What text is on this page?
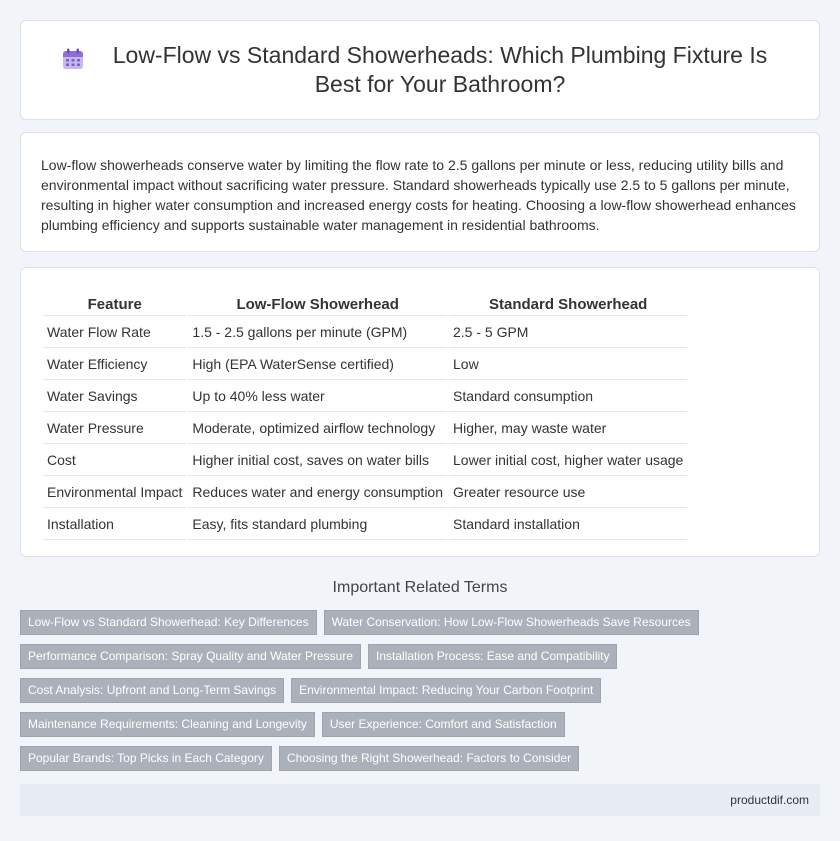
Low-Flow vs Standard Showerheads: Which Plumbing Fixture Is Best for Your Bathroom?

Low-flow showerheads conserve water by limiting the flow rate to 2.5 gallons per minute or less, reducing utility bills and environmental impact without sacrificing water pressure. Standard showerheads typically use 2.5 to 5 gallons per minute, resulting in higher water consumption and increased energy costs for heating. Choosing a low-flow showerhead enhances plumbing efficiency and supports sustainable water management in residential bathrooms.

Feature	Low-Flow Showerhead	Standard Showerhead
Water Flow Rate	1.5 - 2.5 gallons per minute (GPM)	2.5 - 5 GPM
Water Efficiency	High (EPA WaterSense certified)	Low
Water Savings	Up to 40% less water	Standard consumption
Water Pressure	Moderate, optimized airflow technology	Higher, may waste water
Cost	Higher initial cost, saves on water bills	Lower initial cost, higher water usage
Environmental Impact	Reduces water and energy consumption	Greater resource use
Installation	Easy, fits standard plumbing	Standard installation
Important Related Terms
Low-Flow vs Standard Showerhead: Key Differences	Water Conservation: How Low-Flow Showerheads Save Resources
Performance Comparison: Spray Quality and Water Pressure	Installation Process: Ease and Compatibility
Cost Analysis: Upfront and Long-Term Savings	Environmental Impact: Reducing Your Carbon Footprint
Maintenance Requirements: Cleaning and Longevity	User Experience: Comfort and Satisfaction
Popular Brands: Top Picks in Each Category	Choosing the Right Showerhead: Factors to Consider
productdif.com
